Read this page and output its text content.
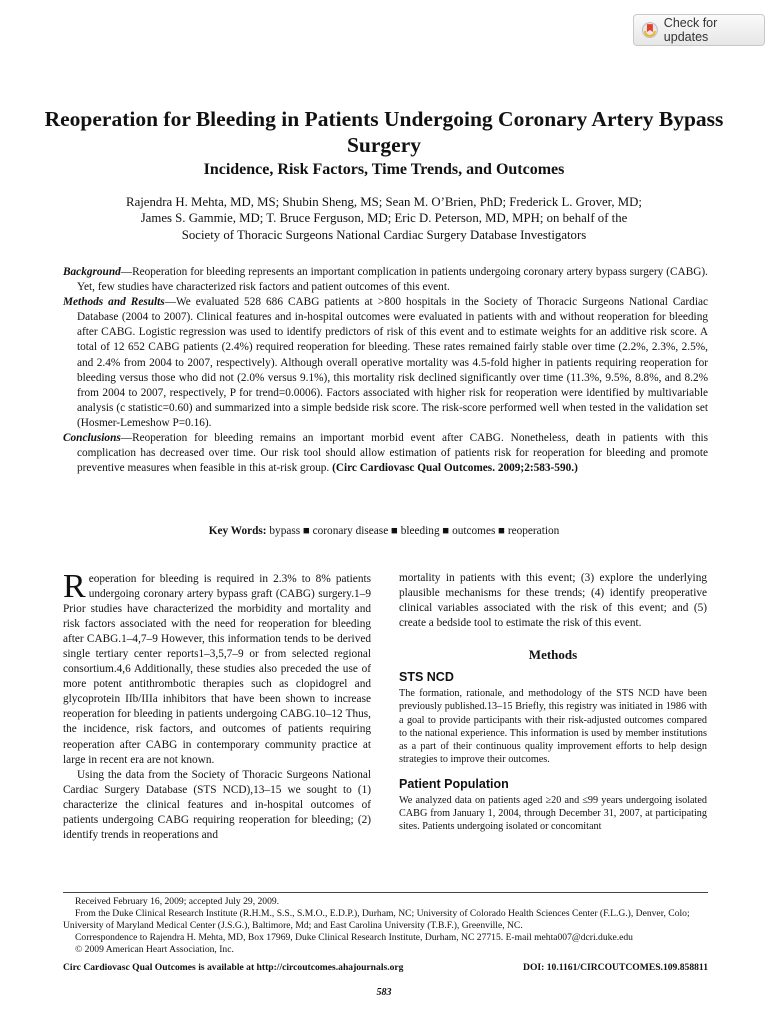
Check for updates
Reoperation for Bleeding in Patients Undergoing Coronary Artery Bypass Surgery
Incidence, Risk Factors, Time Trends, and Outcomes
Rajendra H. Mehta, MD, MS; Shubin Sheng, MS; Sean M. O’Brien, PhD; Frederick L. Grover, MD;
James S. Gammie, MD; T. Bruce Ferguson, MD; Eric D. Peterson, MD, MPH; on behalf of the
Society of Thoracic Surgeons National Cardiac Surgery Database Investigators

Background—Reoperation for bleeding represents an important complication in patients undergoing coronary artery bypass surgery (CABG). Yet, few studies have characterized risk factors and patient outcomes of this event.

Methods and Results—We evaluated 528 686 CABG patients at >800 hospitals in the Society of Thoracic Surgeons National Cardiac Database (2004 to 2007). Clinical features and in-hospital outcomes were evaluated in patients with and without reoperation for bleeding after CABG. Logistic regression was used to identify predictors of risk of this event and to estimate weights for an additive risk score. A total of 12 652 CABG patients (2.4%) required reoperation for bleeding. These rates remained fairly stable over time (2.2%, 2.3%, 2.5%, and 2.4% from 2004 to 2007, respectively). Although overall operative mortality was 4.5-fold higher in patients requiring reoperation for bleeding versus those who did not (2.0% versus 9.1%), this mortality risk declined significantly over time (11.3%, 9.5%, 8.8%, and 8.2% from 2004 to 2007, respectively, P for trend=0.0006). Factors associated with higher risk for reoperation were identified by multivariable analysis (c statistic=0.60) and summarized into a simple bedside risk score. The risk-score performed well when tested in the validation set (Hosmer-Lemeshow P=0.16).

Conclusions—Reoperation for bleeding remains an important morbid event after CABG. Nonetheless, death in patients with this complication has decreased over time. Our risk tool should allow estimation of patients risk for reoperation for bleeding and promote preventive measures when feasible in this at-risk group. (Circ Cardiovasc Qual Outcomes. 2009;2:583-590.)

Key Words: bypass ■ coronary disease ■ bleeding ■ outcomes ■ reoperation

Reoperation for bleeding is required in 2.3% to 8% patients undergoing coronary artery bypass graft (CABG) surgery.1–9 Prior studies have characterized the morbidity and mortality and risk factors associated with the need for reoperation for bleeding after CABG.1–4,7–9 However, this information tends to be derived single tertiary center reports1–3,5,7–9 or from selected regional consortium.4,6 Additionally, these studies also preceded the use of more potent antithrombotic therapies such as clopidogrel and glycoprotein IIb/IIIa inhibitors that have been shown to increase reoperation for bleeding in patients undergoing CABG.10–12 Thus, the incidence, risk factors, and outcomes of patients requiring reoperation after CABG in contemporary community practice at large in recent era are not known.

Using the data from the Society of Thoracic Surgeons National Cardiac Surgery Database (STS NCD),13–15 we sought to (1) characterize the clinical features and in-hospital outcomes of patients undergoing CABG requiring reoperation for bleeding; (2) identify trends in reoperations and

mortality in patients with this event; (3) explore the underlying plausible mechanisms for these trends; (4) identify preoperative clinical variables associated with the risk of this event; and (5) create a bedside tool to estimate the risk of this event.

Methods
STS NCD

The formation, rationale, and methodology of the STS NCD have been previously published.13–15 Briefly, this registry was initiated in 1986 with a goal to provide participants with their risk-adjusted outcomes compared to the national experience. This information is used by member institutions as a part of their continuous quality improvement efforts to help design strategies to improve their outcomes.

Patient Population

We analyzed data on patients aged ≥20 and ≤99 years undergoing isolated CABG from January 1, 2004, through December 31, 2007, at participating sites. Patients undergoing isolated or concomitant

Received February 16, 2009; accepted July 29, 2009.

From the Duke Clinical Research Institute (R.H.M., S.S., S.M.O., E.D.P.), Durham, NC; University of Colorado Health Sciences Center (F.L.G.), Denver, Colo; University of Maryland Medical Center (J.S.G.), Baltimore, Md; and East Carolina University (T.B.F.), Greenville, NC.

Correspondence to Rajendra H. Mehta, MD, Box 17969, Duke Clinical Research Institute, Durham, NC 27715. E-mail mehta007@dcri.duke.edu

© 2009 American Heart Association, Inc.

Circ Cardiovasc Qual Outcomes is available at http://circoutcomes.ahajournals.org	DOI: 10.1161/CIRCOUTCOMES.109.858811
583
